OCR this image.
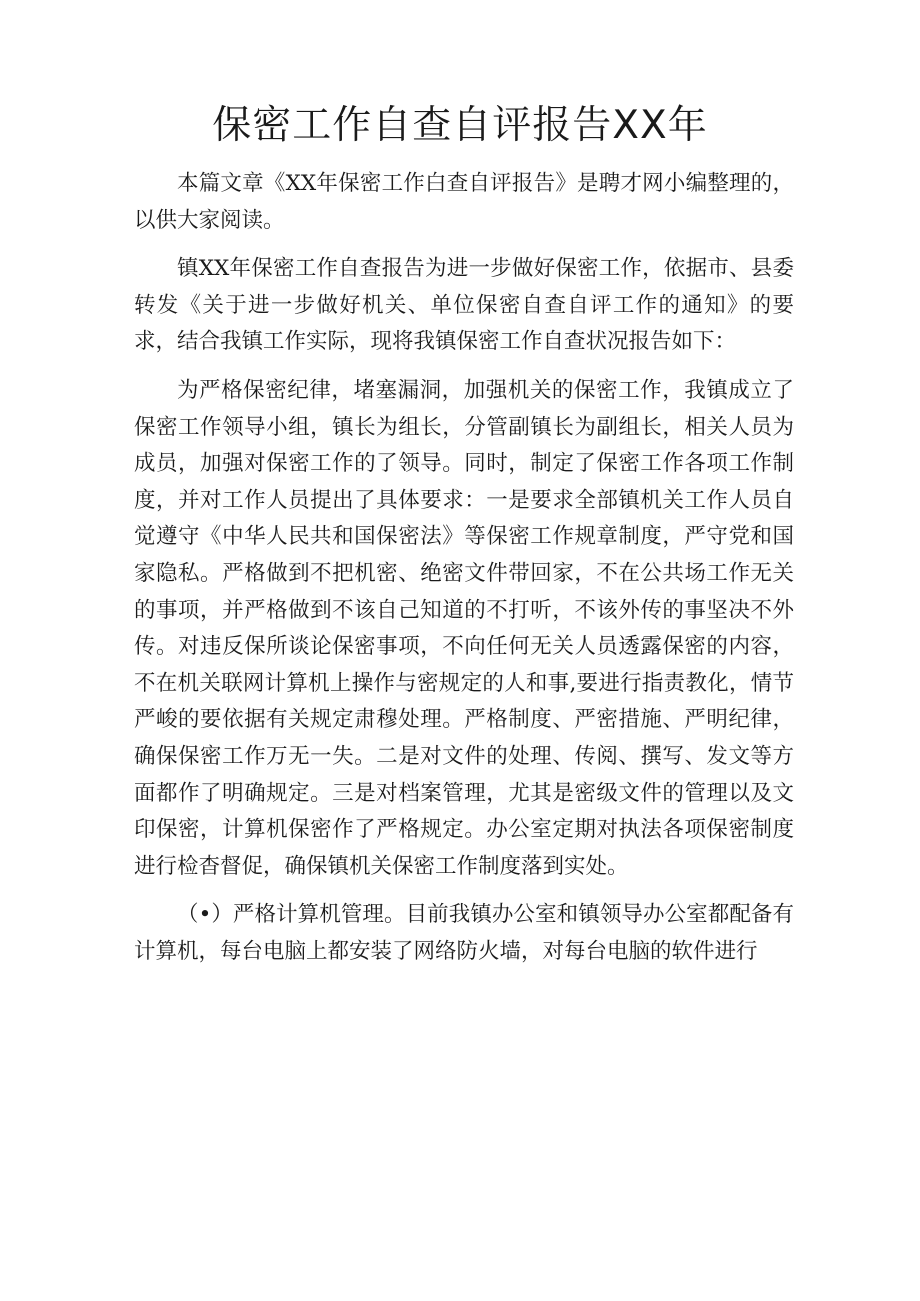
保密工作自查自评报告XX年

本篇文章《XX年保密工作白查自评报告》是聘才网小编整理的，以供大家阅读。

镇XX年保密工作自查报告为进一步做好保密工作，依据市、县委转发《关于进一步做好机关、单位保密自查自评工作的通知》的要求，结合我镇工作实际，现将我镇保密工作自查状况报告如下：

为严格保密纪律，堵塞漏洞，加强机关的保密工作，我镇成立了保密工作领导小组，镇长为组长，分管副镇长为副组长，相关人员为成员，加强对保密工作的了领导。同时，制定了保密工作各项工作制度，并对工作人员提出了具体要求：一是要求全部镇机关工作人员自觉遵守《中华人民共和国保密法》等保密工作规章制度，严守党和国家隐私。严格做到不把机密、绝密文件带回家，不在公共场工作无关的事项，并严格做到不该自己知道的不打听，不该外传的事坚决不外传。对违反保所谈论保密事项，不向任何无关人员透露保密的内容，不在机关联网计算机上操作与密规定的人和事,要进行指责教化，情节严峻的要依据有关规定肃穆处理。严格制度、严密措施、严明纪律，确保保密工作万无一失。二是对文件的处理、传阅、撰写、发文等方面都作了明确规定。三是对档案管理，尤其是密级文件的管理以及文印保密，计算机保密作了严格规定。办公室定期对执法各项保密制度进行检杳督促，确保镇机关保密工作制度落到实处。

（•）严格计算机管理。目前我镇办公室和镇领导办公室都配备有计算机，每台电脑上都安装了网络防火墙，对每台电脑的软件进行
